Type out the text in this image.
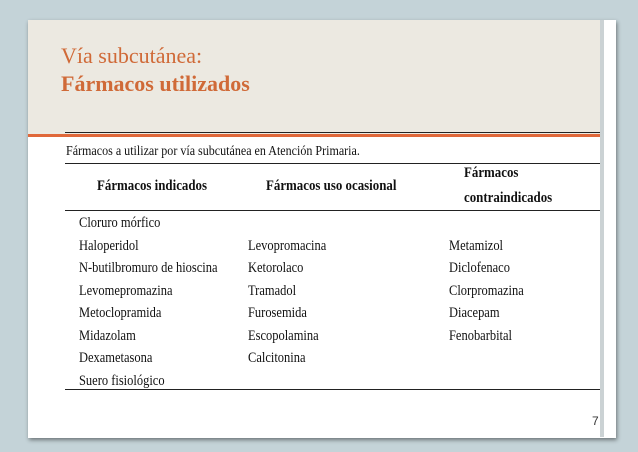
Vía subcutánea:
Fármacos utilizados
Fármacos a utilizar por vía subcutánea en Atención Primaria.
Fármacos indicados	Fármacos uso ocasional
Fármacos
contraindicados
Cloruro mórfico
Haloperidol
N-butilbromuro de hioscina
Levomepromazina
Metoclopramida
Midazolam
Dexametasona
Suero fisiológico
Levopromacina
Ketorolaco
Tramadol
Furosemida
Escopolamina
Calcitonina
Metamizol
Diclofenaco
Clorpromazina
Diacepam
Fenobarbital
7
